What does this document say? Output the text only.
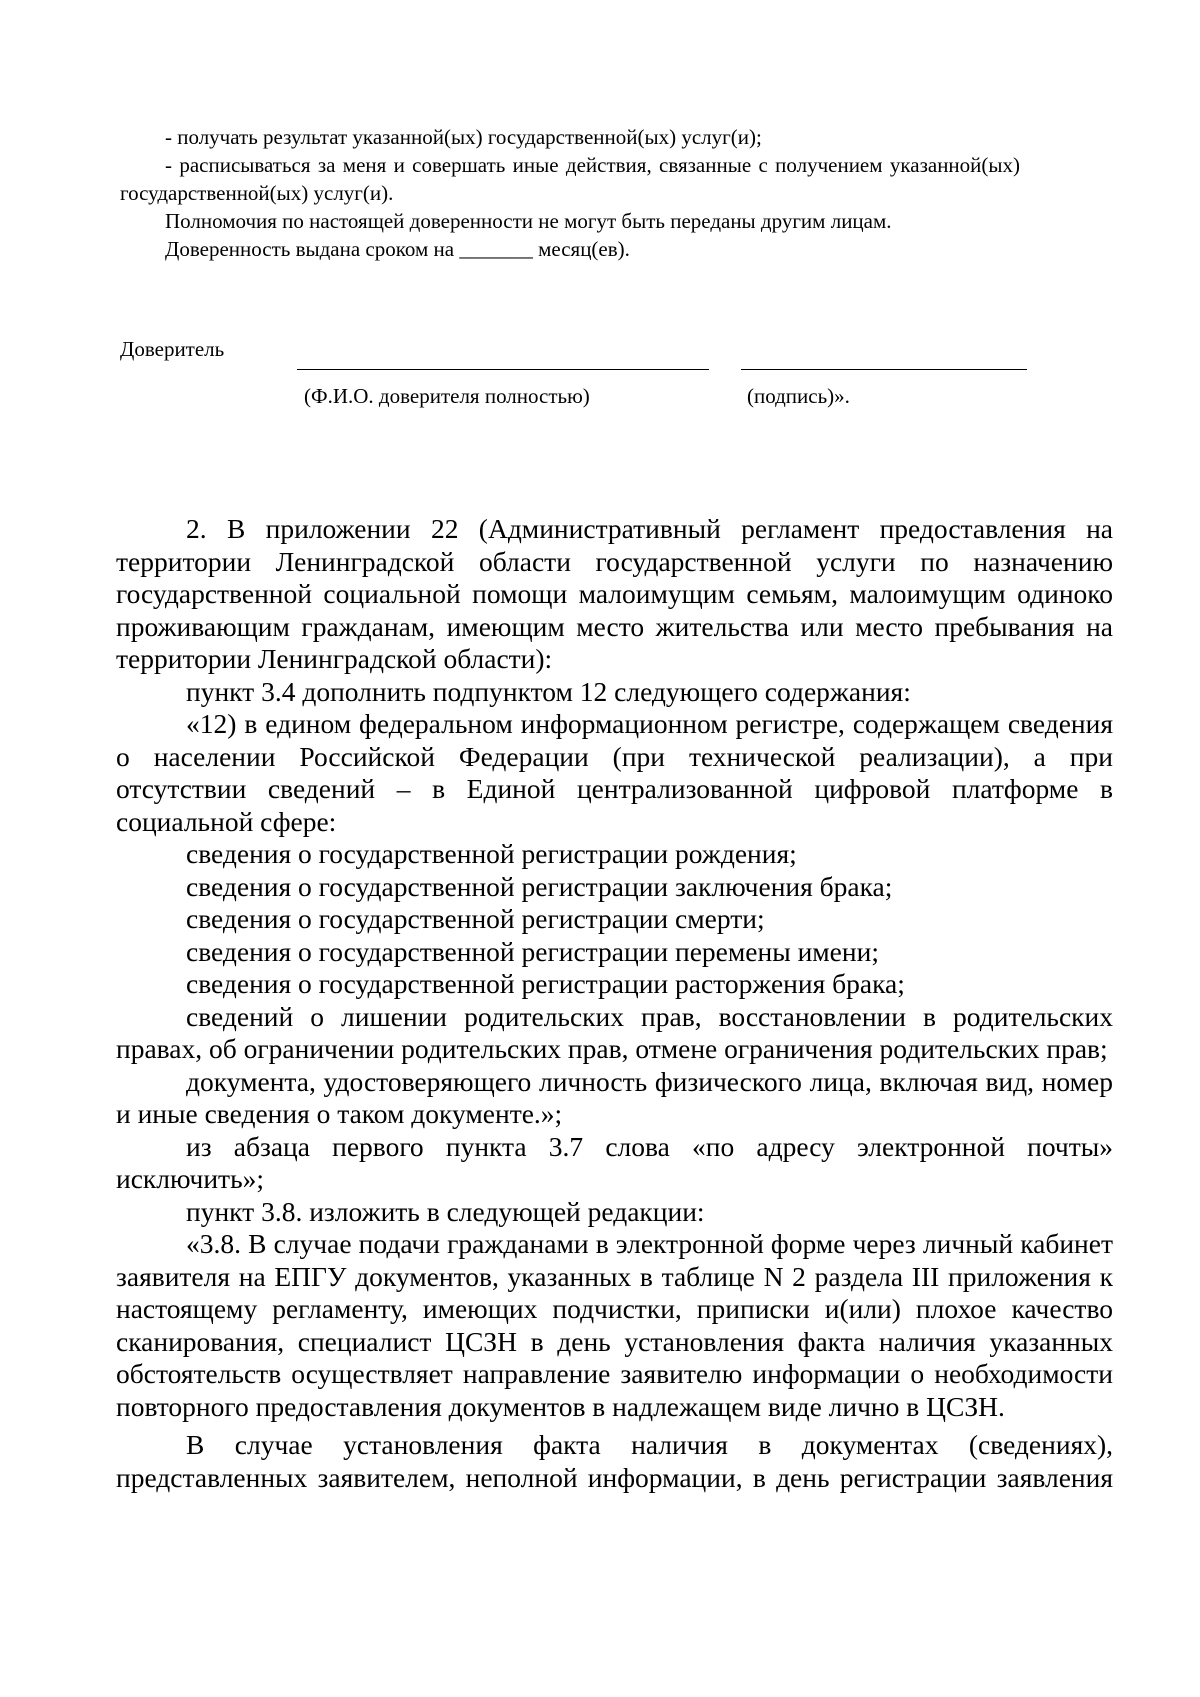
- получать результат указанной(ых) государственной(ых) услуг(и);

- расписываться за меня и совершать иные действия, связанные с получением указанной(ых) государственной(ых) услуг(и).

Полномочия по настоящей доверенности не могут быть переданы другим лицам.

Доверенность выдана сроком на _______ месяц(ев).

Доверитель
(Ф.И.О. доверителя полностью)	(подпись)».

2. В приложении 22 (Административный регламент предоставления на территории Ленинградской области государственной услуги по назначению государственной социальной помощи малоимущим семьям, малоимущим одиноко проживающим гражданам, имеющим место жительства или место пребывания на территории Ленинградской области):

пункт 3.4 дополнить подпунктом 12 следующего содержания:

«12) в едином федеральном информационном регистре, содержащем сведения о населении Российской Федерации (при технической реализации), а при отсутствии сведений – в Единой централизованной цифровой платформе в социальной сфере:

сведения о государственной регистрации рождения;

сведения о государственной регистрации заключения брака;

сведения о государственной регистрации смерти;

сведения о государственной регистрации перемены имени;

сведения о государственной регистрации расторжения брака;

сведений о лишении родительских прав, восстановлении в родительских правах, об ограничении родительских прав, отмене ограничения родительских прав;

документа, удостоверяющего личность физического лица, включая вид, номер и иные сведения о таком документе.»;

из абзаца первого пункта 3.7 слова «по адресу электронной почты» исключить»;

пункт 3.8. изложить в следующей редакции:

«3.8. В случае подачи гражданами в электронной форме через личный кабинет заявителя на ЕПГУ документов, указанных в таблице N 2 раздела III приложения к настоящему регламенту, имеющих подчистки, приписки и(или) плохое качество сканирования, специалист ЦСЗН в день установления факта наличия указанных обстоятельств осуществляет направление заявителю информации о необходимости повторного предоставления документов в надлежащем виде лично в ЦСЗН.

В случае установления факта наличия в документах (сведениях), представленных заявителем, неполной информации, в день регистрации заявления
